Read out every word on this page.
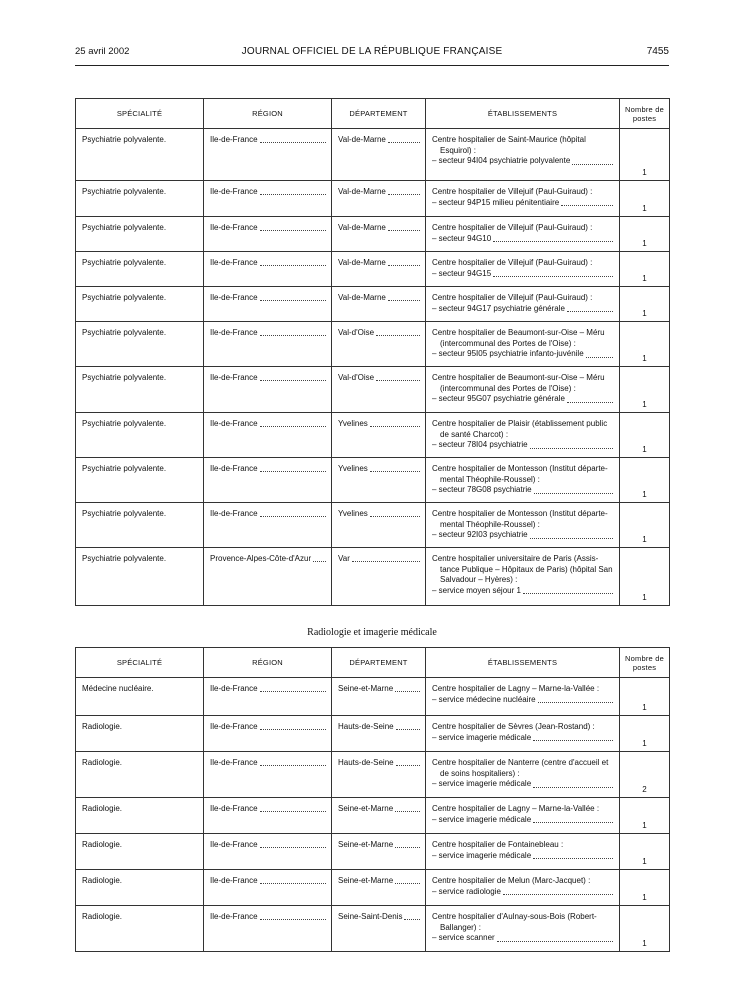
25 avril 2002	JOURNAL OFFICIEL DE LA RÉPUBLIQUE FRANÇAISE	7455
SPÉCIALITÉ	RÉGION	DÉPARTEMENT	ÉTABLISSEMENTS	Nombre de postes
Psychiatrie polyvalente.	Ile-de-France	Val-de-Marne	Centre hospitalier de Saint-Maurice (hôpital
Esquirol) :
– secteur 94I04 psychiatrie polyvalente	1
Psychiatrie polyvalente.	Ile-de-France	Val-de-Marne	Centre hospitalier de Villejuif (Paul-Guiraud) :
– secteur 94P15 milieu pénitentiaire	1
Psychiatrie polyvalente.	Ile-de-France	Val-de-Marne	Centre hospitalier de Villejuif (Paul-Guiraud) :
– secteur 94G10	1
Psychiatrie polyvalente.	Ile-de-France	Val-de-Marne	Centre hospitalier de Villejuif (Paul-Guiraud) :
– secteur 94G15	1
Psychiatrie polyvalente.	Ile-de-France	Val-de-Marne	Centre hospitalier de Villejuif (Paul-Guiraud) :
– secteur 94G17 psychiatrie générale	1
Psychiatrie polyvalente.	Ile-de-France	Val-d'Oise	Centre hospitalier de Beaumont-sur-Oise – Méru
(intercommunal des Portes de l'Oise) :
– secteur 95I05 psychiatrie infanto-juvénile	1
Psychiatrie polyvalente.	Ile-de-France	Val-d'Oise	Centre hospitalier de Beaumont-sur-Oise – Méru
(intercommunal des Portes de l'Oise) :
– secteur 95G07 psychiatrie générale	1
Psychiatrie polyvalente.	Ile-de-France	Yvelines	Centre hospitalier de Plaisir (établissement public
de santé Charcot) :
– secteur 78I04 psychiatrie	1
Psychiatrie polyvalente.	Ile-de-France	Yvelines	Centre hospitalier de Montesson (Institut départe-
mental Théophile-Roussel) :
– secteur 78G08 psychiatrie	1
Psychiatrie polyvalente.	Ile-de-France	Yvelines	Centre hospitalier de Montesson (Institut départe-
mental Théophile-Roussel) :
– secteur 92I03 psychiatrie	1
Psychiatrie polyvalente.	Provence-Alpes-Côte-d'Azur	Var	Centre hospitalier universitaire de Paris (Assis-
tance Publique – Hôpitaux de Paris) (hôpital San
Salvadour – Hyères) :
– service moyen séjour 1	1
Radiologie et imagerie médicale
SPÉCIALITÉ	RÉGION	DÉPARTEMENT	ÉTABLISSEMENTS	Nombre de postes
Médecine nucléaire.	Ile-de-France	Seine-et-Marne	Centre hospitalier de Lagny – Marne-la-Vallée :
– service médecine nucléaire	1
Radiologie.	Ile-de-France	Hauts-de-Seine	Centre hospitalier de Sèvres (Jean-Rostand) :
– service imagerie médicale	1
Radiologie.	Ile-de-France	Hauts-de-Seine	Centre hospitalier de Nanterre (centre d'accueil et
de soins hospitaliers) :
– service imagerie médicale	2
Radiologie.	Ile-de-France	Seine-et-Marne	Centre hospitalier de Lagny – Marne-la-Vallée :
– service imagerie médicale	1
Radiologie.	Ile-de-France	Seine-et-Marne	Centre hospitalier de Fontainebleau :
– service imagerie médicale	1
Radiologie.	Ile-de-France	Seine-et-Marne	Centre hospitalier de Melun (Marc-Jacquet) :
– service radiologie	1
Radiologie.	Ile-de-France	Seine-Saint-Denis	Centre hospitalier d'Aulnay-sous-Bois (Robert-
Ballanger) :
– service scanner	1
